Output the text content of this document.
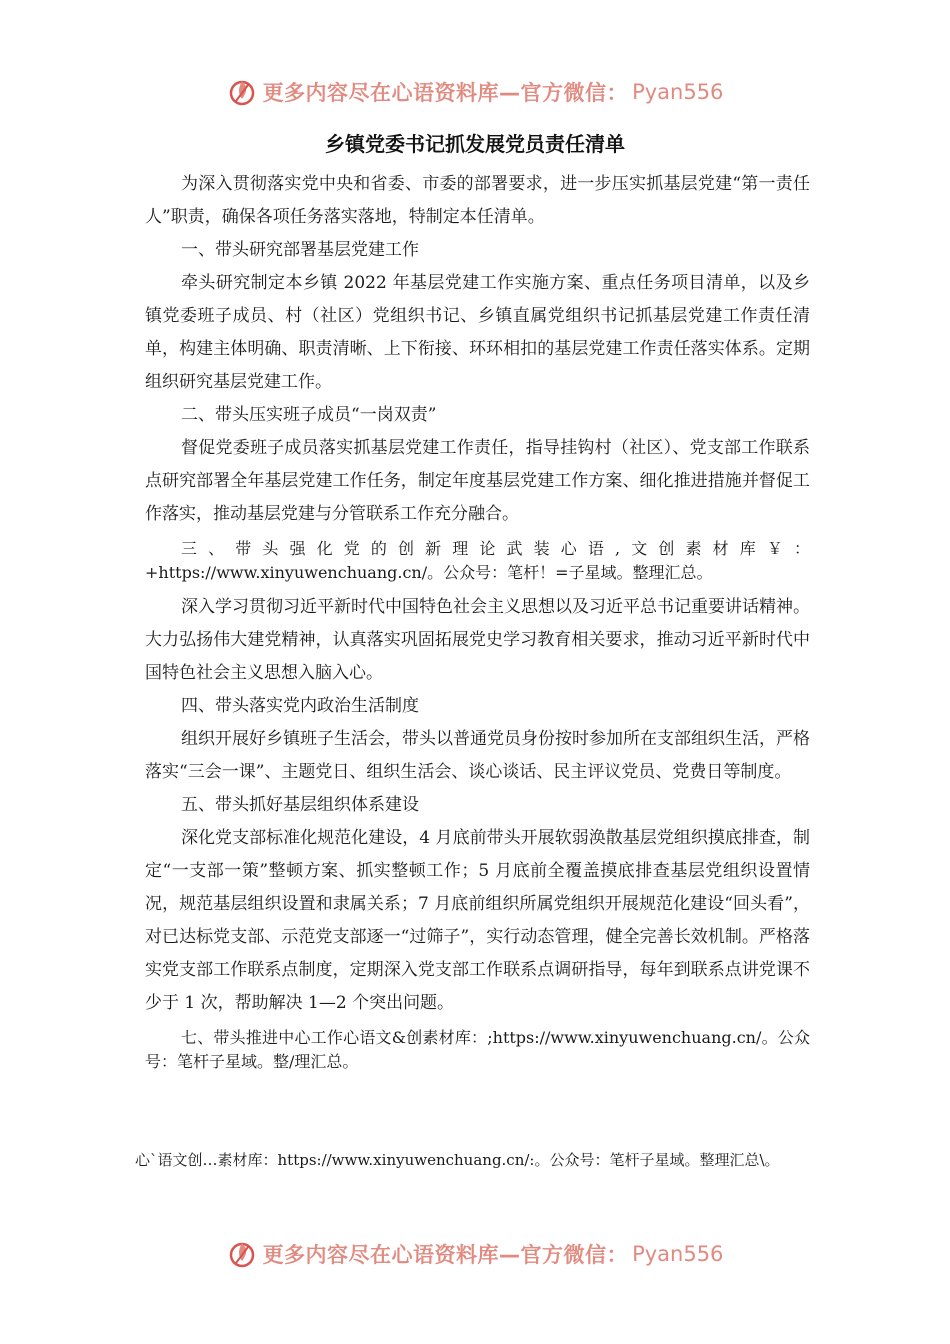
更多内容尽在心语资料库—官方微信： Pyan556
乡镇党委书记抓发展党员责任清单

为深入贯彻落实党中央和省委、市委的部署要求，进一步压实抓基层党建“第一责任人”职责，确保各项任务落实落地，特制定本任清单。

一、带头研究部署基层党建工作

牵头研究制定本乡镇 2022 年基层党建工作实施方案、重点任务项目清单，以及乡镇党委班子成员、村（社区）党组织书记、乡镇直属党组织书记抓基层党建工作责任清单，构建主体明确、职责清晰、上下衔接、环环相扣的基层党建工作责任落实体系。定期组织研究基层党建工作。

二、带头压实班子成员“一岗双责”

督促党委班子成员落实抓基层党建工作责任，指导挂钩村（社区）、党支部工作联系点研究部署全年基层党建工作任务，制定年度基层党建工作方案、细化推进措施并督促工作落实，推动基层党建与分管联系工作充分融合。

三、带头强化党的创新理论武装心语,文创素材库￥：+https://www.xinyuwenchuang.cn/。公众号：笔杆！=子星域。整理汇总。

深入学习贯彻习近平新时代中国特色社会主义思想以及习近平总书记重要讲话精神。大力弘扬伟大建党精神，认真落实巩固拓展党史学习教育相关要求，推动习近平新时代中国特色社会主义思想入脑入心。

四、带头落实党内政治生活制度

组织开展好乡镇班子生活会，带头以普通党员身份按时参加所在支部组织生活，严格落实“三会一课”、主题党日、组织生活会、谈心谈话、民主评议党员、党费日等制度。

五、带头抓好基层组织体系建设

深化党支部标准化规范化建设，4 月底前带头开展软弱涣散基层党组织摸底排查，制定“一支部一策”整顿方案、抓实整顿工作；5 月底前全覆盖摸底排查基层党组织设置情况，规范基层组织设置和隶属关系；7 月底前组织所属党组织开展规范化建设“回头看”，对已达标党支部、示范党支部逐一“过筛子”，实行动态管理，健全完善长效机制。严格落实党支部工作联系点制度，定期深入党支部工作联系点调研指导，每年到联系点讲党课不少于 1 次，帮助解决 1—2 个突出问题。

七、带头推进中心工作心语文&创素材库：;https://www.xinyuwenchuang.cn/。公众号：笔杆子星域。整/理汇总。

心`语文创…素材库：https://www.xinyuwenchuang.cn/:。公众号：笔杆子星域。整理汇总\。

更多内容尽在心语资料库—官方微信： Pyan556
